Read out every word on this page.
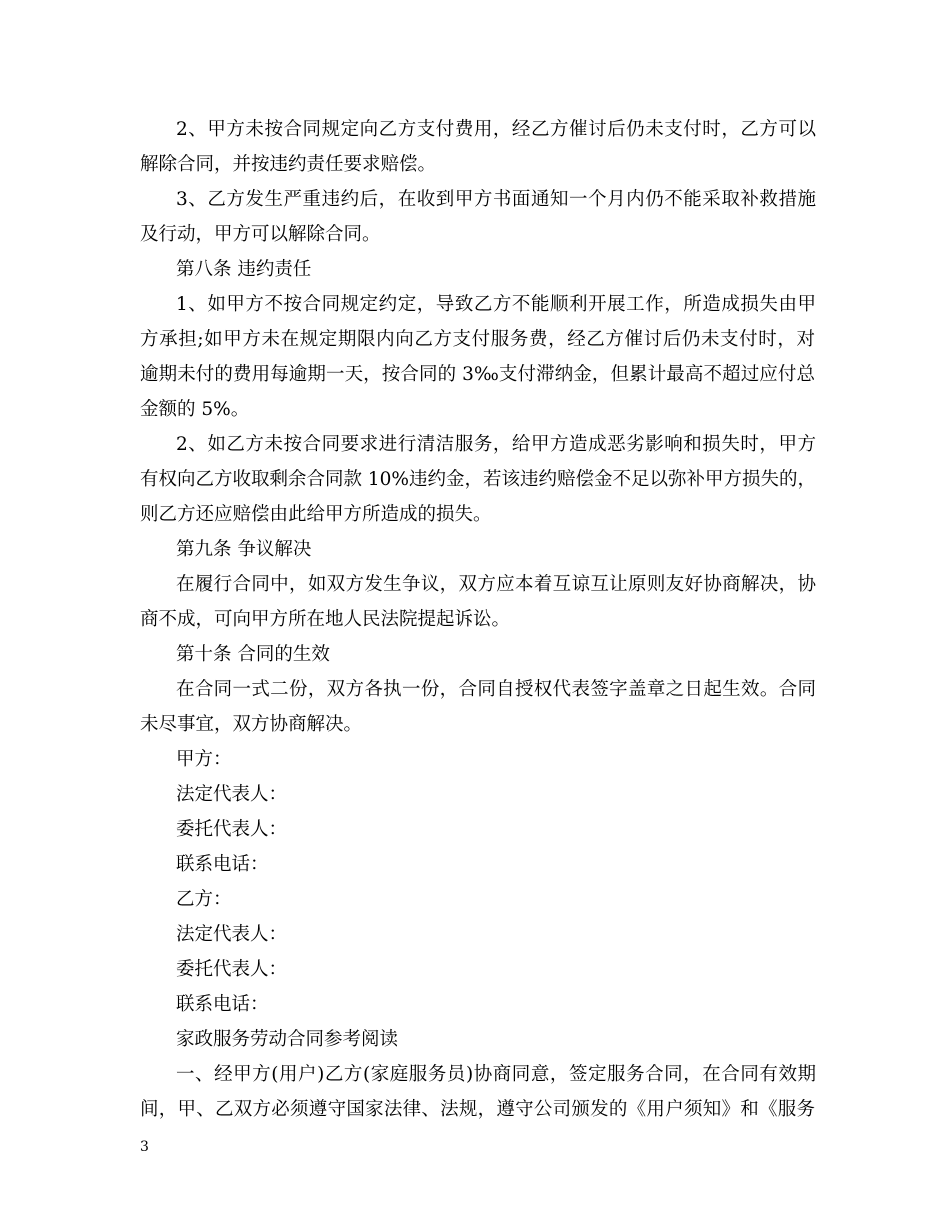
2、甲方未按合同规定向乙方支付费用，经乙方催讨后仍未支付时，乙方可以
解除合同，并按违约责任要求赔偿。
3、乙方发生严重违约后，在收到甲方书面通知一个月内仍不能采取补救措施
及行动，甲方可以解除合同。
第八条 违约责任
1、如甲方不按合同规定约定，导致乙方不能顺利开展工作，所造成损失由甲
方承担;如甲方未在规定期限内向乙方支付服务费，经乙方催讨后仍未支付时，对
逾期未付的费用每逾期一天，按合同的 3‰支付滞纳金，但累计最高不超过应付总
金额的 5%。
2、如乙方未按合同要求进行清洁服务，给甲方造成恶劣影响和损失时，甲方
有权向乙方收取剩余合同款 10%违约金，若该违约赔偿金不足以弥补甲方损失的，
则乙方还应赔偿由此给甲方所造成的损失。
第九条 争议解决
在履行合同中，如双方发生争议，双方应本着互谅互让原则友好协商解决，协
商不成，可向甲方所在地人民法院提起诉讼。
第十条 合同的生效
在合同一式二份，双方各执一份，合同自授权代表签字盖章之日起生效。合同
未尽事宜，双方协商解决。
甲方：
法定代表人：
委托代表人：
联系电话：
乙方：
法定代表人：
委托代表人：
联系电话：
家政服务劳动合同参考阅读
一、经甲方(用户)乙方(家庭服务员)协商同意，签定服务合同，在合同有效期
间，甲、乙双方必须遵守国家法律、法规，遵守公司颁发的《用户须知》和《服务
3
